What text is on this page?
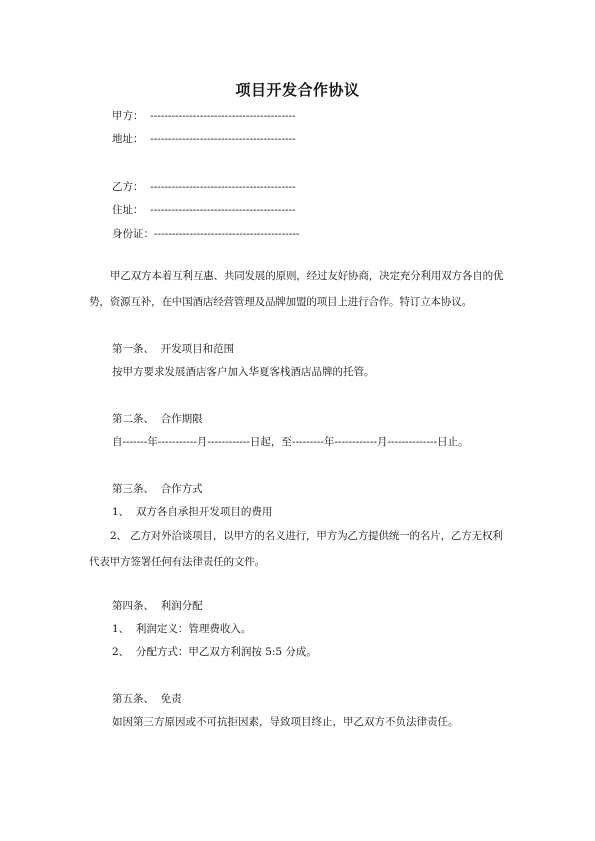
项目开发合作协议
甲方：  -----------------------------------------
地址：  -----------------------------------------
乙方：  -----------------------------------------
住址：  -----------------------------------------
身份证：-----------------------------------------
甲乙双方本着互利互惠、共同发展的原则，经过友好协商，决定充分利用双方各自的优势，资源互补，在中国酒店经营管理及品牌加盟的项目上进行合作。特订立本协议。
第一条、  开发项目和范围
按甲方要求发展酒店客户加入华夏客栈酒店品牌的托管。
第二条、  合作期限
自-------年-----------月------------日起，至---------年------------月--------------日止。
第三条、  合作方式
1、  双方各自承担开发项目的费用
2、 乙方对外洽谈项目，以甲方的名义进行，甲方为乙方提供统一的名片，乙方无权利代表甲方签署任何有法律责任的文件。
第四条、  利润分配
1、  利润定义：管理费收入。
2、  分配方式：甲乙双方利润按 5:5 分成。
第五条、  免责
如因第三方原因或不可抗拒因素，导致项目终止，甲乙双方不负法律责任。
